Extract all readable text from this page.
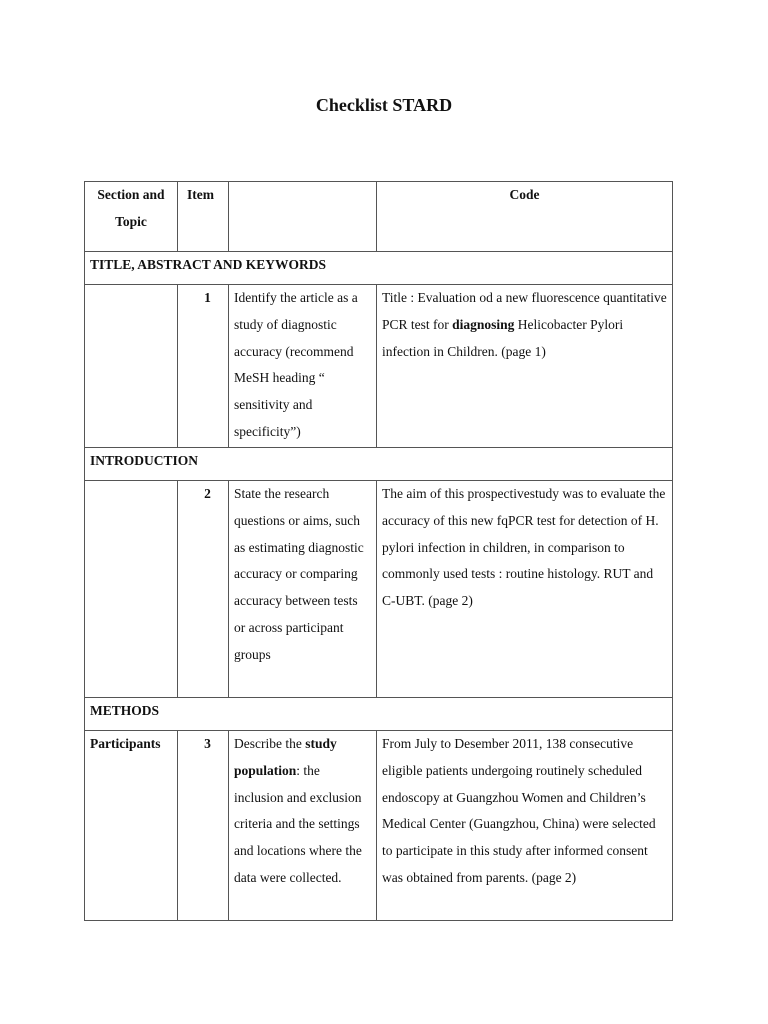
Checklist STARD
Section and Topic	Item		Code
TITLE, ABSTRACT AND KEYWORDS			
	1	Identify the article as a study of diagnostic accuracy (recommend MeSH heading “ sensitivity and specificity”)	Title : Evaluation od a new fluorescence quantitative PCR test for diagnosing Helicobacter Pylori infection in Children. (page 1)
INTRODUCTION			
	2	State the research questions or aims, such as estimating diagnostic accuracy or comparing accuracy between tests or across participant groups	The aim of this prospectivestudy was to evaluate the accuracy of this new fqPCR test for detection of H. pylori infection in children, in comparison to commonly used tests : routine histology. RUT and C-UBT. (page 2)
METHODS			
Participants	3	Describe the study population: the inclusion and exclusion criteria and the settings and locations where the data were collected.	From July to Desember 2011, 138 consecutive eligible patients undergoing routinely scheduled endoscopy at Guangzhou Women and Children’s Medical Center (Guangzhou, China) were selected to participate in this study after informed consent was obtained from parents. (page 2)
